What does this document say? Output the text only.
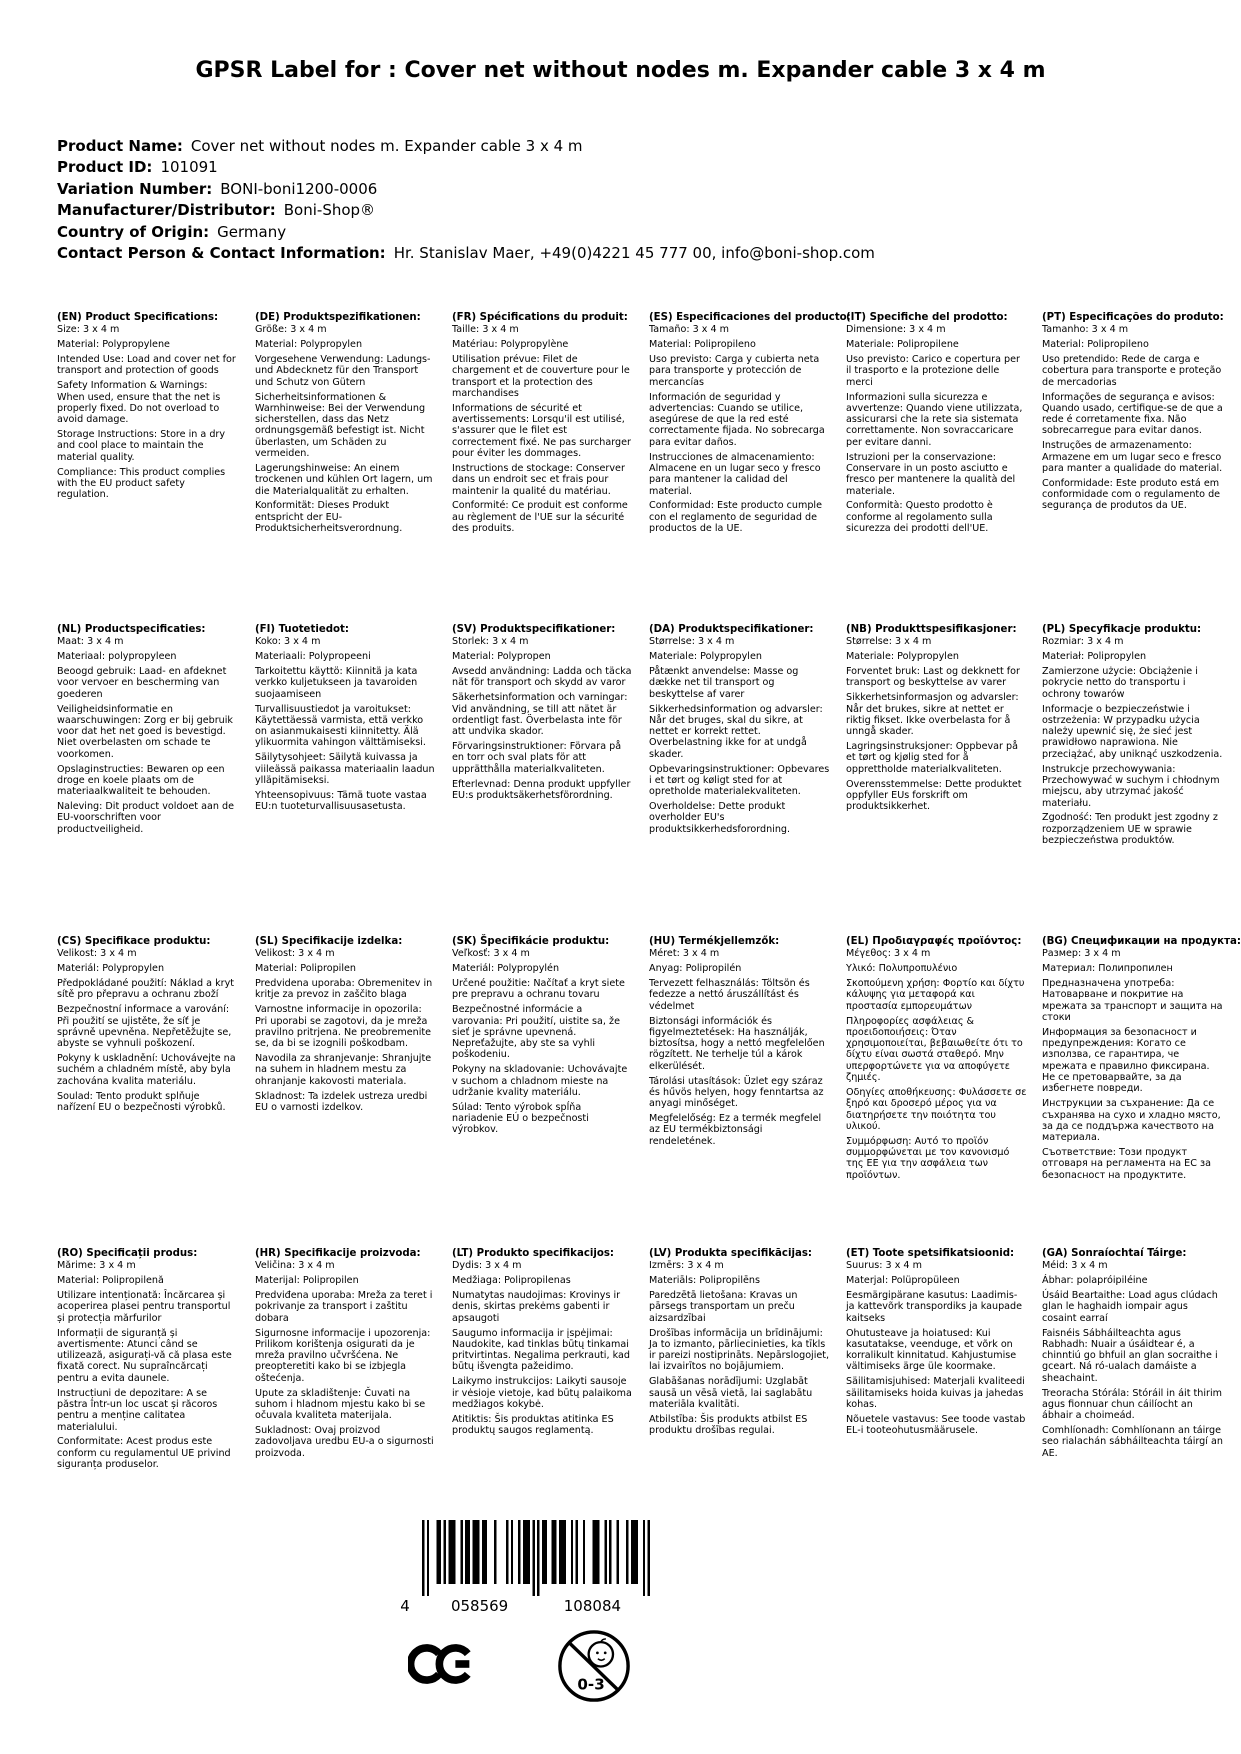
GPSR Label for : Cover net without nodes m. Expander cable 3 x 4 m
Product Name: Cover net without nodes m. Expander cable 3 x 4 m
Product ID: 101091
Variation Number: BONI-boni1200-0006
Manufacturer/Distributor: Boni-Shop®
Country of Origin: Germany
Contact Person & Contact Information: Hr. Stanislav Maer, +49(0)4221 45 777 00, info@boni-shop.com
(EN) Product Specifications:

Size: 3 x 4 m

Material: Polypropylene

Intended Use: Load and cover net for transport and protection of goods

Safety Information & Warnings: When used, ensure that the net is properly fixed. Do not overload to avoid damage.

Storage Instructions: Store in a dry and cool place to maintain the material quality.

Compliance: This product complies with the EU product safety regulation.

(DE) Produktspezifikationen:

Größe: 3 x 4 m

Material: Polypropylen

Vorgesehene Verwendung: Ladungs- und Abdecknetz für den Transport und Schutz von Gütern

Sicherheitsinformationen & Warnhinweise: Bei der Verwendung sicherstellen, dass das Netz ordnungsgemäß befestigt ist. Nicht überlasten, um Schäden zu vermeiden.

Lagerungshinweise: An einem trockenen und kühlen Ort lagern, um die Materialqualität zu erhalten.

Konformität: Dieses Produkt entspricht der EU-Produktsicherheitsverordnung.

(FR) Spécifications du produit:

Taille: 3 x 4 m

Matériau: Polypropylène

Utilisation prévue: Filet de chargement et de couverture pour le transport et la protection des marchandises

Informations de sécurité et avertissements: Lorsqu'il est utilisé, s'assurer que le filet est correctement fixé. Ne pas surcharger pour éviter les dommages.

Instructions de stockage: Conserver dans un endroit sec et frais pour maintenir la qualité du matériau.

Conformité: Ce produit est conforme au règlement de l'UE sur la sécurité des produits.

(ES) Especificaciones del producto:

Tamaño: 3 x 4 m

Material: Polipropileno

Uso previsto: Carga y cubierta neta para transporte y protección de mercancías

Información de seguridad y advertencias: Cuando se utilice, asegúrese de que la red esté correctamente fijada. No sobrecarga para evitar daños.

Instrucciones de almacenamiento: Almacene en un lugar seco y fresco para mantener la calidad del material.

Conformidad: Este producto cumple con el reglamento de seguridad de productos de la UE.

(IT) Specifiche del prodotto:

Dimensione: 3 x 4 m

Materiale: Polipropilene

Uso previsto: Carico e copertura per il trasporto e la protezione delle merci

Informazioni sulla sicurezza e avvertenze: Quando viene utilizzata, assicurarsi che la rete sia sistemata correttamente. Non sovraccaricare per evitare danni.

Istruzioni per la conservazione: Conservare in un posto asciutto e fresco per mantenere la qualità del materiale.

Conformità: Questo prodotto è conforme al regolamento sulla sicurezza dei prodotti dell'UE.

(PT) Especificações do produto:

Tamanho: 3 x 4 m

Material: Polipropileno

Uso pretendido: Rede de carga e cobertura para transporte e proteção de mercadorias

Informações de segurança e avisos: Quando usado, certifique-se de que a rede é corretamente fixa. Não sobrecarregue para evitar danos.

Instruções de armazenamento: Armazene em um lugar seco e fresco para manter a qualidade do material.

Conformidade: Este produto está em conformidade com o regulamento de segurança de produtos da UE.

(NL) Productspecificaties:

Maat: 3 x 4 m

Materiaal: polypropyleen

Beoogd gebruik: Laad- en afdeknet voor vervoer en bescherming van goederen

Veiligheidsinformatie en waarschuwingen: Zorg er bij gebruik voor dat het net goed is bevestigd. Niet overbelasten om schade te voorkomen.

Opslaginstructies: Bewaren op een droge en koele plaats om de materiaalkwaliteit te behouden.

Naleving: Dit product voldoet aan de EU-voorschriften voor productveiligheid.

(FI) Tuotetiedot:

Koko: 3 x 4 m

Materiaali: Polypropeeni

Tarkoitettu käyttö: Kiinnitä ja kata verkko kuljetukseen ja tavaroiden suojaamiseen

Turvallisuustiedot ja varoitukset: Käytettäessä varmista, että verkko on asianmukaisesti kiinnitetty. Älä ylikuormita vahingon välttämiseksi.

Säilytysohjeet: Säilytä kuivassa ja viileässä paikassa materiaalin laadun ylläpitämiseksi.

Yhteensopivuus: Tämä tuote vastaa EU:n tuoteturvallisuusasetusta.

(SV) Produktspecifikationer:

Storlek: 3 x 4 m

Material: Polypropen

Avsedd användning: Ladda och täcka nät för transport och skydd av varor

Säkerhetsinformation och varningar: Vid användning, se till att nätet är ordentligt fast. Överbelasta inte för att undvika skador.

Förvaringsinstruktioner: Förvara på en torr och sval plats för att upprätthålla materialkvaliteten.

Efterlevnad: Denna produkt uppfyller EU:s produktsäkerhetsförordning.

(DA) Produktspecifikationer:

Størrelse: 3 x 4 m

Materiale: Polypropylen

Påtænkt anvendelse: Masse og dække net til transport og beskyttelse af varer

Sikkerhedsinformation og advarsler: Når det bruges, skal du sikre, at nettet er korrekt rettet. Overbelastning ikke for at undgå skader.

Opbevaringsinstruktioner: Opbevares i et tørt og køligt sted for at opretholde materialekvaliteten.

Overholdelse: Dette produkt overholder EU's produktsikkerhedsforordning.

(NB) Produkttspesifikasjoner:

Størrelse: 3 x 4 m

Materiale: Polypropylen

Forventet bruk: Last og dekknett for transport og beskyttelse av varer

Sikkerhetsinformasjon og advarsler: Når det brukes, sikre at nettet er riktig fikset. Ikke overbelasta for å unngå skader.

Lagringsinstruksjoner: Oppbevar på et tørt og kjølig sted for å opprettholde materialkvaliteten.

Overensstemmelse: Dette produktet oppfyller EUs forskrift om produktsikkerhet.

(PL) Specyfikacje produktu:

Rozmiar: 3 x 4 m

Materiał: Polipropylen

Zamierzone użycie: Obciążenie i pokrycie netto do transportu i ochrony towarów

Informacje o bezpieczeństwie i ostrzeżenia: W przypadku użycia należy upewnić się, że sieć jest prawidłowo naprawiona. Nie przeciążać, aby uniknąć uszkodzenia.

Instrukcje przechowywania: Przechowywać w suchym i chłodnym miejscu, aby utrzymać jakość materiału.

Zgodność: Ten produkt jest zgodny z rozporządzeniem UE w sprawie bezpieczeństwa produktów.

(CS) Specifikace produktu:

Velikost: 3 x 4 m

Materiál: Polypropylen

Předpokládané použití: Náklad a kryt sítě pro přepravu a ochranu zboží

Bezpečnostní informace a varování: Při použití se ujistěte, že síť je správně upevněna. Nepřetěžujte se, abyste se vyhnuli poškození.

Pokyny k uskladnění: Uchovávejte na suchém a chladném místě, aby byla zachována kvalita materiálu.

Soulad: Tento produkt splňuje nařízení EU o bezpečnosti výrobků.

(SL) Specifikacije izdelka:

Velikost: 3 x 4 m

Material: Polipropilen

Predvidena uporaba: Obremenitev in kritje za prevoz in zaščito blaga

Varnostne informacije in opozorila: Pri uporabi se zagotovi, da je mreža pravilno pritrjena. Ne preobremenite se, da bi se izognili poškodbam.

Navodila za shranjevanje: Shranjujte na suhem in hladnem mestu za ohranjanje kakovosti materiala.

Skladnost: Ta izdelek ustreza uredbi EU o varnosti izdelkov.

(SK) Špecifikácie produktu:

Veľkosť: 3 x 4 m

Materiál: Polypropylén

Určené použitie: Načítať a kryt siete pre prepravu a ochranu tovaru

Bezpečnostné informácie a varovania: Pri použití, uistite sa, že sieť je správne upevnená. Nepreťažujte, aby ste sa vyhli poškodeniu.

Pokyny na skladovanie: Uchovávajte v suchom a chladnom mieste na udržanie kvality materiálu.

Súlad: Tento výrobok spĺňa nariadenie EÚ o bezpečnosti výrobkov.

(HU) Termékjellemzők:

Méret: 3 x 4 m

Anyag: Polipropilén

Tervezett felhasználás: Töltsön és fedezze a nettó áruszállítást és védelmet

Biztonsági információk és figyelmeztetések: Ha használják, biztosítsa, hogy a nettó megfelelően rögzített. Ne terhelje túl a károk elkerülését.

Tárolási utasítások: Üzlet egy száraz és hűvös helyen, hogy fenntartsa az anyagi minőséget.

Megfelelőség: Ez a termék megfelel az EU termékbiztonsági rendeletének.

(EL) Προδιαγραφές προϊόντος:

Μέγεθος: 3 x 4 m

Υλικό: Πολυπροπυλένιο

Σκοπούμενη χρήση: Φορτίο και δίχτυ κάλυψης για μεταφορά και προστασία εμπορευμάτων

Πληροφορίες ασφάλειας & προειδοποιήσεις: Όταν χρησιμοποιείται, βεβαιωθείτε ότι το δίχτυ είναι σωστά σταθερό. Μην υπερφορτώνετε για να αποφύγετε ζημιές.

Οδηγίες αποθήκευσης: Φυλάσσετε σε ξηρό και δροσερό μέρος για να διατηρήσετε την ποιότητα του υλικού.

Συμμόρφωση: Αυτό το προϊόν συμμορφώνεται με τον κανονισμό της ΕΕ για την ασφάλεια των προϊόντων.

(BG) Спецификации на продукта:

Размер: 3 x 4 m

Материал: Полипропилен

Предназначена употреба: Натоварване и покритие на мрежата за транспорт и защита на стоки

Информация за безопасност и предупреждения: Когато се използва, се гарантира, че мрежата е правилно фиксирана. Не се претоварвайте, за да избегнете повреди.

Инструкции за съхранение: Да се съхранява на сухо и хладно място, за да се поддържа качеството на материала.

Съответствие: Този продукт отговаря на регламента на ЕС за безопасност на продуктите.

(RO) Specificații produs:

Mărime: 3 x 4 m

Material: Polipropilenă

Utilizare intenționată: Încărcarea și acoperirea plasei pentru transportul și protecția mărfurilor

Informații de siguranță și avertismente: Atunci când se utilizează, asigurați-vă că plasa este fixată corect. Nu supraîncărcați pentru a evita daunele.

Instrucțiuni de depozitare: A se păstra într-un loc uscat și răcoros pentru a menține calitatea materialului.

Conformitate: Acest produs este conform cu regulamentul UE privind siguranța produselor.

(HR) Specifikacije proizvoda:

Veličina: 3 x 4 m

Materijal: Polipropilen

Predviđena uporaba: Mreža za teret i pokrivanje za transport i zaštitu dobara

Sigurnosne informacije i upozorenja: Prilikom korištenja osigurati da je mreža pravilno učvršćena. Ne preopteretiti kako bi se izbjegla oštećenja.

Upute za skladištenje: Čuvati na suhom i hladnom mjestu kako bi se očuvala kvaliteta materijala.

Sukladnost: Ovaj proizvod zadovoljava uredbu EU-a o sigurnosti proizvoda.

(LT) Produkto specifikacijos:

Dydis: 3 x 4 m

Medžiaga: Polipropilenas

Numatytas naudojimas: Krovinys ir denis, skirtas prekėms gabenti ir apsaugoti

Saugumo informacija ir įspėjimai: Naudokite, kad tinklas būtų tinkamai pritvirtintas. Negalima perkrauti, kad būtų išvengta pažeidimo.

Laikymo instrukcijos: Laikyti sausoje ir vėsioje vietoje, kad būtų palaikoma medžiagos kokybė.

Atitiktis: Šis produktas atitinka ES produktų saugos reglamentą.

(LV) Produkta specifikācijas:

Izmērs: 3 x 4 m

Materiāls: Polipropilēns

Paredzētā lietošana: Kravas un pārsegs transportam un preču aizsardzībai

Drošības informācija un brīdinājumi: Ja to izmanto, pārliecinieties, ka tīkls ir pareizi nostiprināts. Nepārslogojiet, lai izvairītos no bojājumiem.

Glabāšanas norādījumi: Uzglabāt sausā un vēsā vietā, lai saglabātu materiāla kvalitāti.

Atbilstība: Šis produkts atbilst ES produktu drošības regulai.

(ET) Toote spetsifikatsioonid:

Suurus: 3 x 4 m

Materjal: Polüpropüleen

Eesmärgipärane kasutus: Laadimis- ja kattevõrk transpordiks ja kaupade kaitseks

Ohutusteave ja hoiatused: Kui kasutatakse, veenduge, et võrk on korralikult kinnitatud. Kahjustumise vältimiseks ärge üle koormake.

Säilitamisjuhised: Materjali kvaliteedi säilitamiseks hoida kuivas ja jahedas kohas.

Nõuetele vastavus: See toode vastab EL-i tooteohutusmäärusele.

(GA) Sonraíochtaí Táirge:

Méid: 3 x 4 m

Ábhar: polapróipiléine

Úsáid Beartaithe: Load agus clúdach glan le haghaidh iompair agus cosaint earraí

Faisnéis Sábháilteachta agus Rabhadh: Nuair a úsáidtear é, a chinntiú go bhfuil an glan socraithe i gceart. Ná ró-ualach damáiste a sheachaint.

Treoracha Stórála: Stóráil in áit thirim agus fionnuar chun cáilíocht an ábhair a choimeád.

Comhlíonadh: Comhlíonann an táirge seo rialachán sábháilteachta táirgí an AE.

4	058569	108084
0-3
